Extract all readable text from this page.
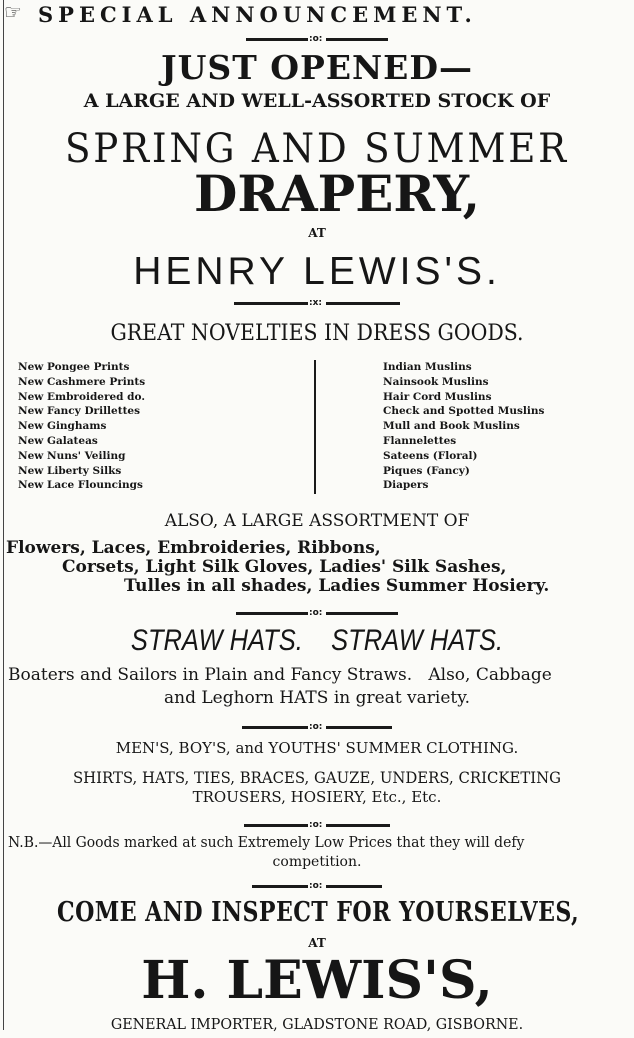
☞ SPECIAL ANNOUNCEMENT.
:o:
JUST OPENED—
A LARGE AND WELL-ASSORTED STOCK OF
SPRING AND SUMMER
DRAPERY,
AT
HENRY LEWIS'S.
:x:
GREAT NOVELTIES IN DRESS GOODS.
New Pongee Prints
New Cashmere Prints
New Embroidered do.
New Fancy Drillettes
New Ginghams
New Galateas
New Nuns' Veiling
New Liberty Silks
New Lace Flouncings
Indian Muslins
Nainsook Muslins
Hair Cord Muslins
Check and Spotted Muslins
Mull and Book Muslins
Flannelettes
Sateens (Floral)
Piques (Fancy)
Diapers
ALSO, A LARGE ASSORTMENT OF
Flowers, Laces, Embroideries, Ribbons,
Corsets, Light Silk Gloves, Ladies' Silk Sashes,
Tulles in all shades, Ladies Summer Hosiery.
:o:
STRAW HATS.    STRAW HATS.
Boaters and Sailors in Plain and Fancy Straws.   Also, Cabbage
and Leghorn HATS in great variety.
:o:
MEN'S, BOY'S, and YOUTHS' SUMMER CLOTHING.
SHIRTS, HATS, TIES, BRACES, GAUZE, UNDERS, CRICKETING
TROUSERS, HOSIERY, Etc., Etc.
:o:
N.B.—All Goods marked at such Extremely Low Prices that they will defy
competition.
:o:
COME AND INSPECT FOR YOURSELVES,
AT
H. LEWIS'S,
GENERAL IMPORTER, GLADSTONE ROAD, GISBORNE.
